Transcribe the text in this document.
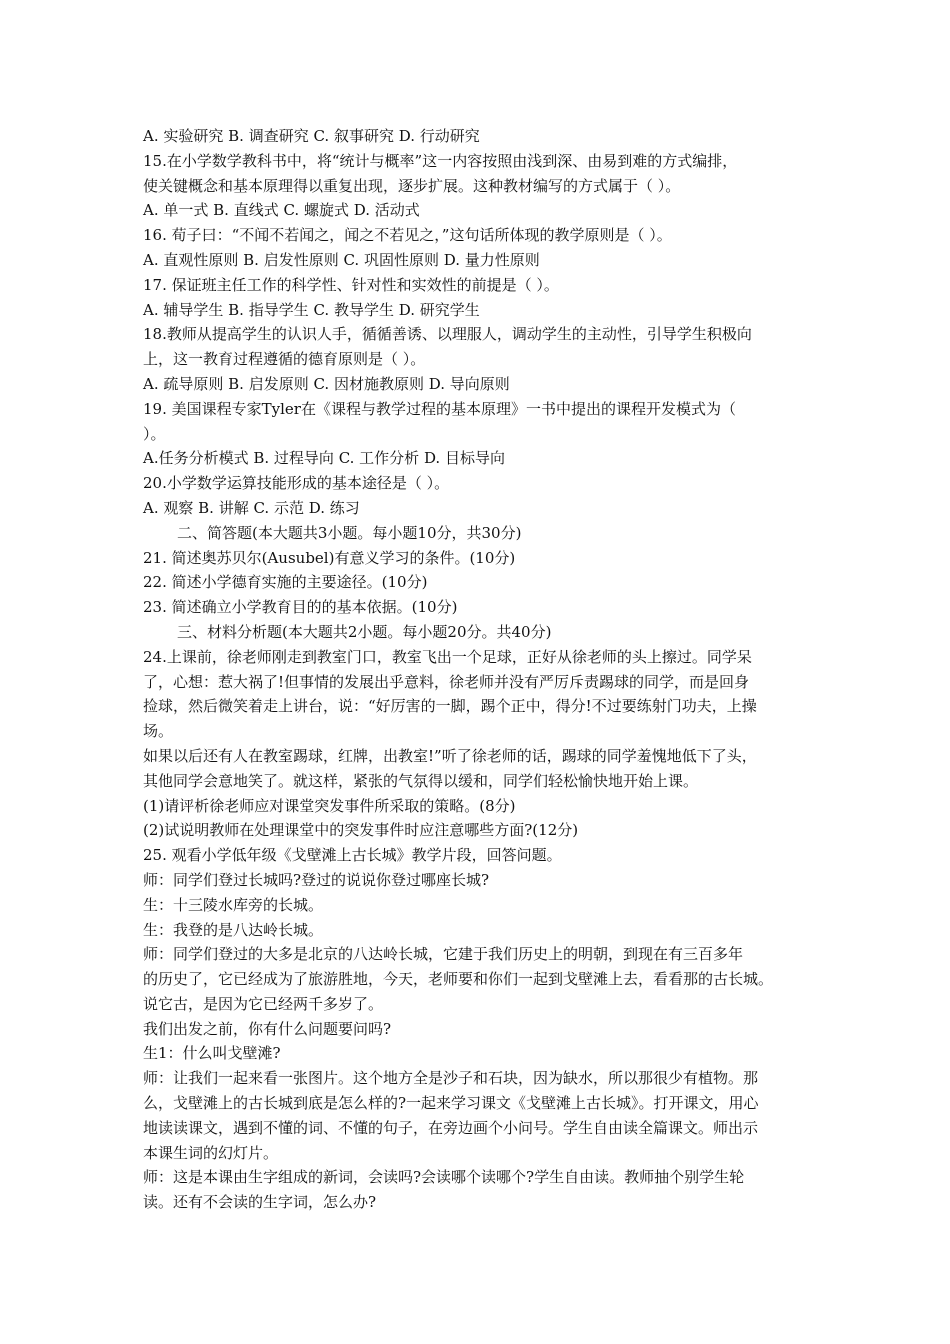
A. 实验研究 B. 调查研究 C. 叙事研究 D. 行动研究
15.在小学数学教科书中，将“统计与概率”这一内容按照由浅到深、由易到难的方式编排，
使关键概念和基本原理得以重复出现，逐步扩展。这种教材编写的方式属于（ ）。
A. 单一式 B. 直线式 C. 螺旋式 D. 活动式
16. 荀子曰：“不闻不若闻之，闻之不若见之，”这句话所体现的教学原则是（ ）。
A. 直观性原则 B. 启发性原则 C. 巩固性原则 D. 量力性原则
17. 保证班主任工作的科学性、针对性和实效性的前提是（ ）。
A. 辅导学生 B. 指导学生 C. 教导学生 D. 研究学生
18.教师从提高学生的认识人手，循循善诱、以理服人，调动学生的主动性，引导学生积极向
上，这一教育过程遵循的德育原则是（ ）。
A. 疏导原则 B. 启发原则 C. 因材施教原则 D. 导向原则
19. 美国课程专家Tyler在《课程与教学过程的基本原理》一书中提出的课程开发模式为（
）。
A.任务分析模式 B. 过程导向 C. 工作分析 D. 目标导向
20.小学数学运算技能形成的基本途径是（ ）。
A. 观察 B. 讲解 C. 示范 D. 练习
二、简答题(本大题共3小题。每小题10分，共30分)
21. 简述奥苏贝尔(Ausubel)有意义学习的条件。(10分)
22. 简述小学德育实施的主要途径。(10分)
23. 简述确立小学教育目的的基本依据。(10分)
三、材料分析题(本大题共2小题。每小题20分。共40分)
24.上课前，徐老师刚走到教室门口，教室飞出一个足球，正好从徐老师的头上擦过。同学呆
了，心想：惹大祸了!但事情的发展出乎意料，徐老师并没有严厉斥责踢球的同学，而是回身
捡球，然后微笑着走上讲台，说：“好厉害的一脚，踢个正中，得分!不过要练射门功夫，上操
场。
如果以后还有人在教室踢球，红牌，出教室!”听了徐老师的话，踢球的同学羞愧地低下了头，
其他同学会意地笑了。就这样，紧张的气氛得以缓和，同学们轻松愉快地开始上课。
(1)请评析徐老师应对课堂突发事件所采取的策略。(8分)
(2)试说明教师在处理课堂中的突发事件时应注意哪些方面?(12分)
25. 观看小学低年级《戈壁滩上古长城》教学片段，回答问题。
师：同学们登过长城吗?登过的说说你登过哪座长城?
生：十三陵水库旁的长城。
生：我登的是八达岭长城。
师：同学们登过的大多是北京的八达岭长城，它建于我们历史上的明朝，到现在有三百多年
的历史了，它已经成为了旅游胜地，今天，老师要和你们一起到戈壁滩上去，看看那的古长城。
说它古，是因为它已经两千多岁了。
我们出发之前，你有什么问题要问吗?
生1：什么叫戈壁滩?
师：让我们一起来看一张图片。这个地方全是沙子和石块，因为缺水，所以那很少有植物。那
么，戈壁滩上的古长城到底是怎么样的?一起来学习课文《戈壁滩上古长城》。打开课文，用心
地读读课文，遇到不懂的词、不懂的句子，在旁边画个小问号。学生自由读全篇课文。师出示
本课生词的幻灯片。
师：这是本课由生字组成的新词，会读吗?会读哪个读哪个?学生自由读。教师抽个别学生轮
读。还有不会读的生字词，怎么办?
